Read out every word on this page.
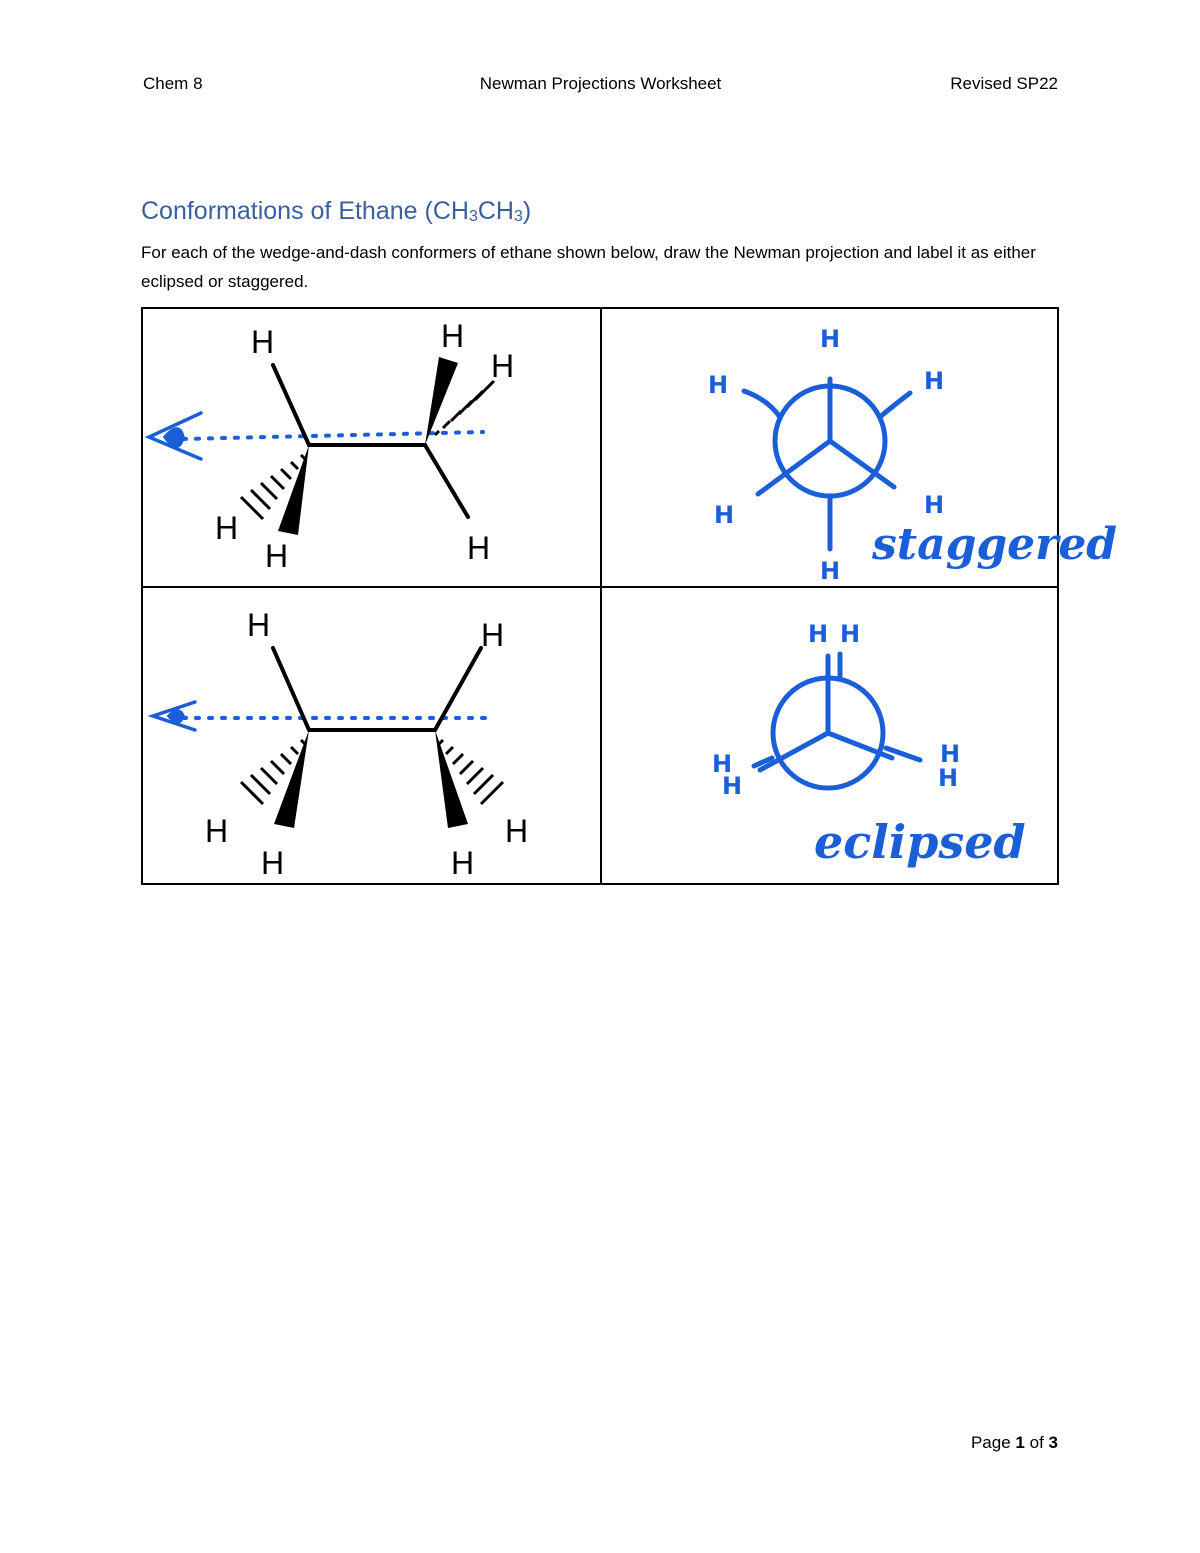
Chem 8	Newman Projections Worksheet	Revised SP22
Conformations of Ethane $(CH_3CH_3)$
For each of the wedge-and-dash conformers of ethane shown below, draw the Newman projection and label it as either eclipsed or staggered.
H	H
H
H
H	H
H
H	H
H	H
H
staggered
H	H
H
H	H
H
H H
H
H
H
H
eclipsed
Page 1 of 3
